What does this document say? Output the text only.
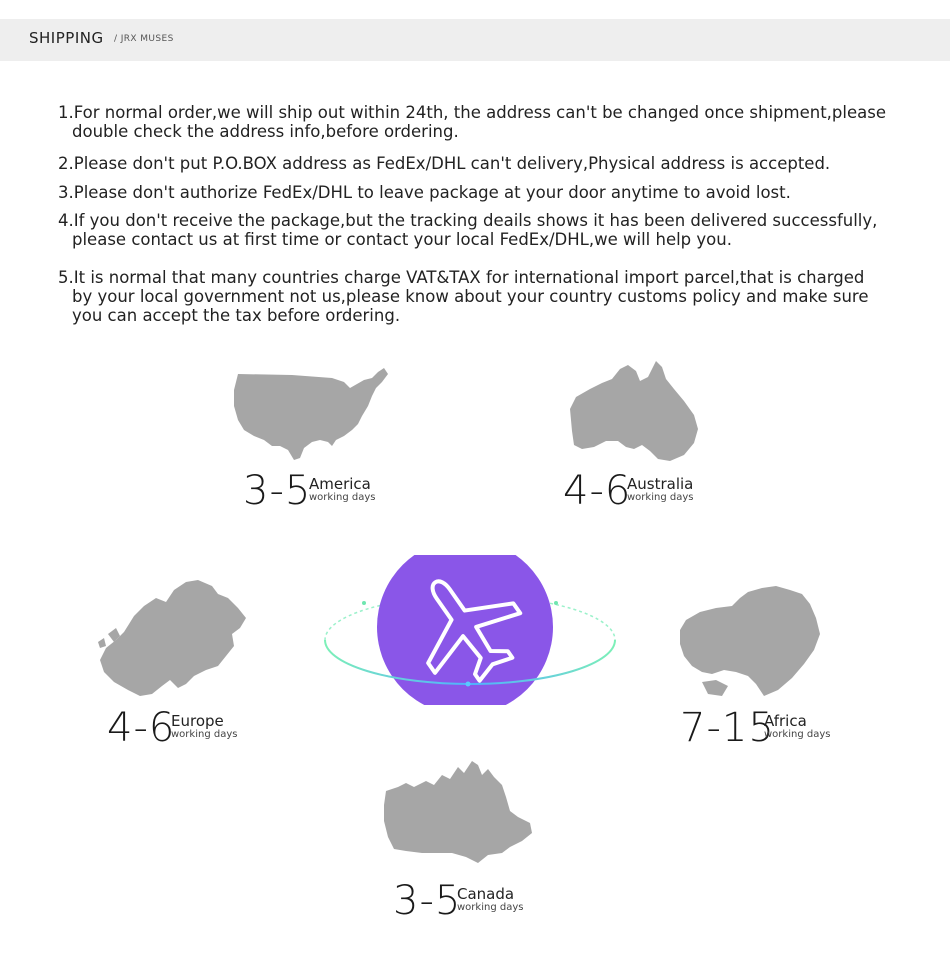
SHIPPING / JRX MUSES
1.For normal order,we will ship out within 24th, the address can't be changed once shipment,please
double check the address info,before ordering.
2.Please don't put P.O.BOX address as FedEx/DHL can't delivery,Physical address is accepted.
3.Please don't authorize FedEx/DHL to leave package at your door anytime to avoid lost.
4.If you don't receive the package,but the tracking deails shows it has been delivered successfully,
please contact us at first time or contact your local FedEx/DHL,we will help you.
5.It is normal that many countries charge VAT&TAX for international import parcel,that is charged
by your local government not us,please know about your country customs policy and make sure
you can accept the tax before ordering.
3-5
America
working days	4-6
Australia
working days
4-6
Europe
working days	7-15
Africa
working days
3-5
Canada
working days
